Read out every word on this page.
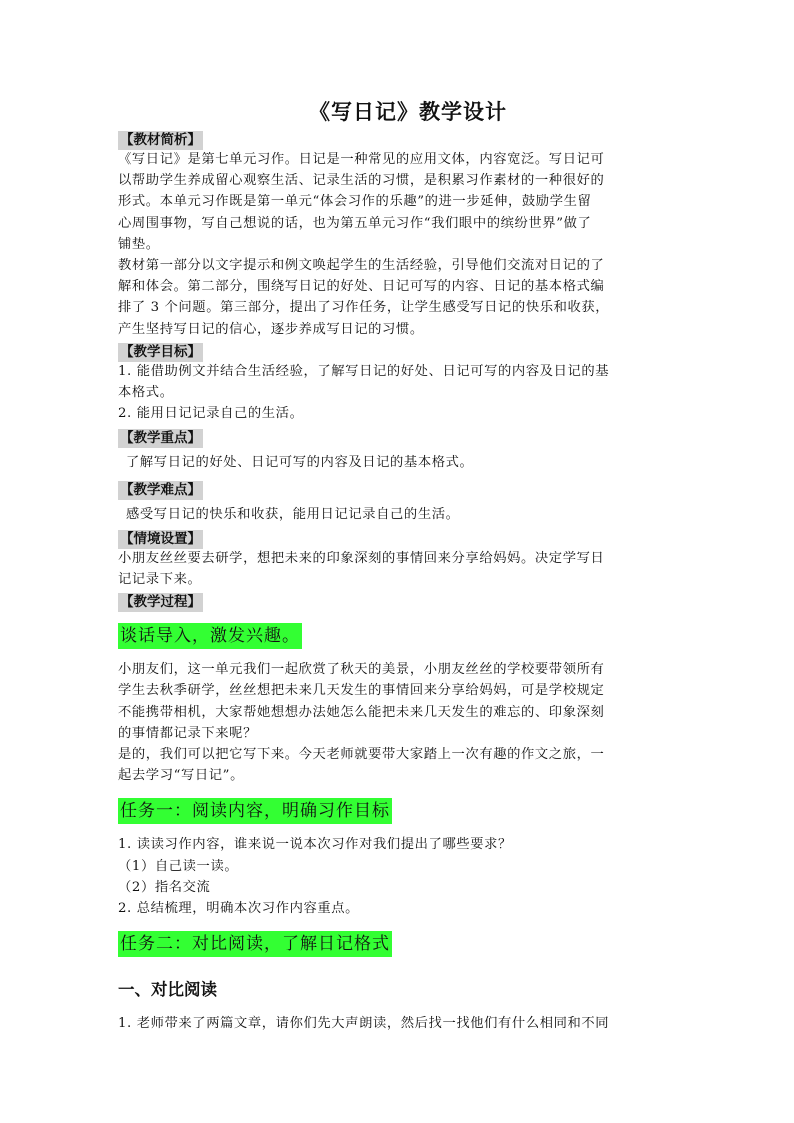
《写日记》教学设计
【教材简析】

《写日记》是第七单元习作。日记是一种常见的应用文体，内容宽泛。写日记可
以帮助学生养成留心观察生活、记录生活的习惯，是积累习作素材的一种很好的
形式。本单元习作既是第一单元“体会习作的乐趣”的进一步延伸，鼓励学生留
心周围事物，写自己想说的话，也为第五单元习作“我们眼中的缤纷世界”做了
铺垫。

教材第一部分以文字提示和例文唤起学生的生活经验，引导他们交流对日记的了
解和体会。第二部分，围绕写日记的好处、日记可写的内容、日记的基本格式编
排了 3 个问题。第三部分，提出了习作任务，让学生感受写日记的快乐和收获，
产生坚持写日记的信心，逐步养成写日记的习惯。

【教学目标】

1. 能借助例文并结合生活经验，了解写日记的好处、日记可写的内容及日记的基
本格式。
2. 能用日记记录自己的生活。

【教学重点】

了解写日记的好处、日记可写的内容及日记的基本格式。

【教学难点】

感受写日记的快乐和收获，能用日记记录自己的生活。

【情境设置】

小朋友丝丝要去研学，想把未来的印象深刻的事情回来分享给妈妈。决定学写日
记记录下来。

【教学过程】
谈话导入，激发兴趣。

小朋友们，这一单元我们一起欣赏了秋天的美景，小朋友丝丝的学校要带领所有
学生去秋季研学，丝丝想把未来几天发生的事情回来分享给妈妈，可是学校规定
不能携带相机，大家帮她想想办法她怎么能把未来几天发生的难忘的、印象深刻
的事情都记录下来呢？
是的，我们可以把它写下来。今天老师就要带大家踏上一次有趣的作文之旅，一
起去学习“写日记”。

任务一：阅读内容，明确习作目标

1. 读读习作内容，谁来说一说本次习作对我们提出了哪些要求？
（1）自己读一读。
（2）指名交流
2. 总结梳理，明确本次习作内容重点。

任务二：对比阅读，了解日记格式
一、对比阅读

1. 老师带来了两篇文章，请你们先大声朗读，然后找一找他们有什么相同和不同
